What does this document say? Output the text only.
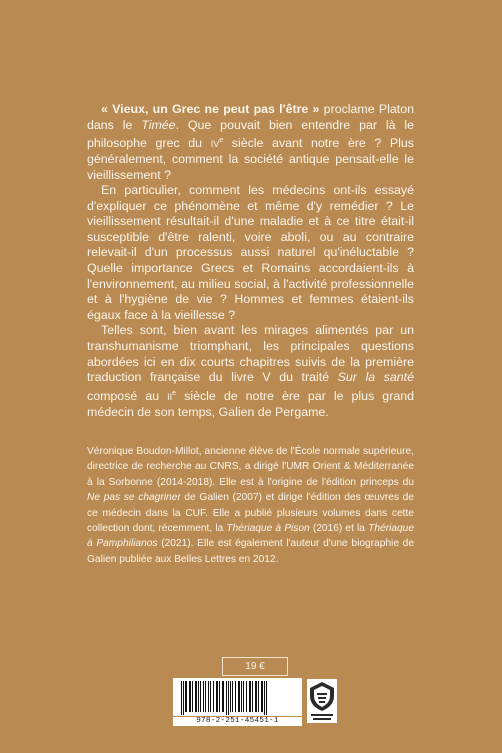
« Vieux, un Grec ne peut pas l'être » proclame Platon dans le Timée. Que pouvait bien entendre par là le philosophe grec du $iv^e$ siècle avant notre ère ? Plus généralement, comment la société antique pensait-elle le vieillissement ?

En particulier, comment les médecins ont-ils essayé d'expliquer ce phénomène et même d'y remédier ? Le vieillissement résultait-il d'une maladie et à ce titre était-il susceptible d'être ralenti, voire aboli, ou au contraire relevait-il d'un processus aussi naturel qu'inéluctable ? Quelle importance Grecs et Romains accordaient-ils à l'environnement, au milieu social, à l'activité professionnelle et à l'hygiène de vie ? Hommes et femmes étaient-ils égaux face à la vieillesse ?

Telles sont, bien avant les mirages alimentés par un transhumanisme triomphant, les principales questions abordées ici en dix courts chapitres suivis de la première traduction française du livre V du traité Sur la santé composé au $ii^e$ siècle de notre ère par le plus grand médecin de son temps, Galien de Pergame.

Véronique Boudon-Millot, ancienne élève de l'École normale supérieure, directrice de recherche au CNRS, a dirigé l'UMR Orient & Méditerranée à la Sorbonne (2014-2018). Elle est à l'origine de l'édition princeps du Ne pas se chagriner de Galien (2007) et dirige l'édition des œuvres de ce médecin dans la CUF. Elle a publié plusieurs volumes dans cette collection dont, récemment, la Thériaque à Pison (2016) et la Thériaque à Pamphilianos (2021). Elle est également l'auteur d'une biographie de Galien publiée aux Belles Lettres en 2012.

19 €
978-2-251-45451-1
